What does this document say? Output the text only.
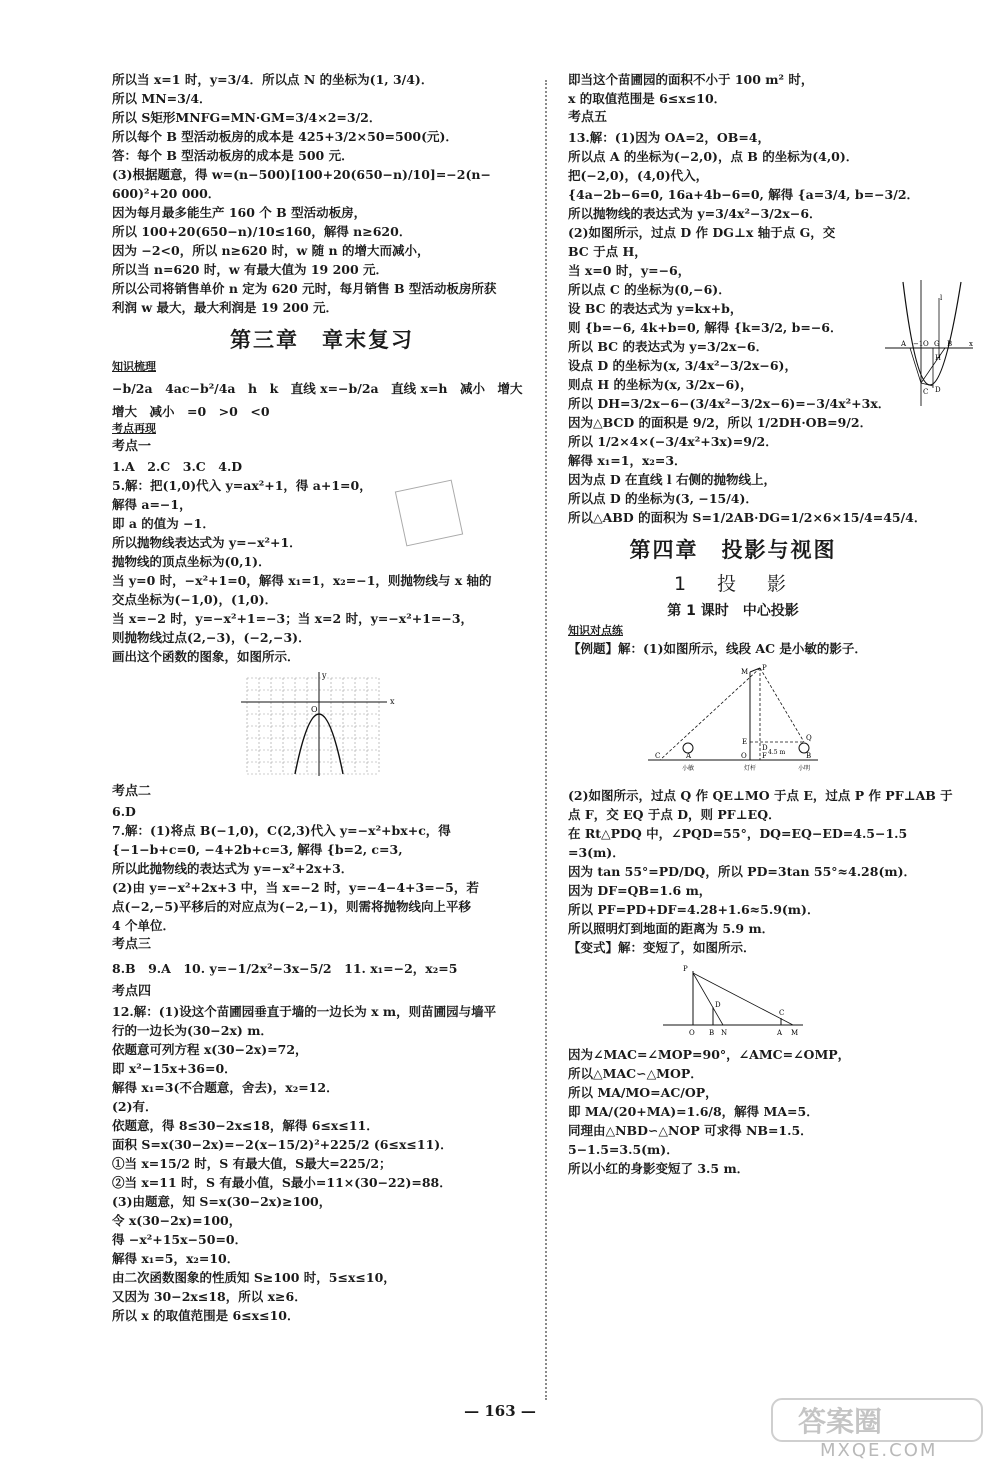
所以当 x=1 时，y=3/4．所以点 N 的坐标为(1, 3/4)．
所以 MN=3/4．
所以 S矩形MNFG=MN·GM=3/4×2=3/2．
所以每个 B 型活动板房的成本是 425+3/2×50=500(元)．
答：每个 B 型活动板房的成本是 500 元．
(3)根据题意，得 w=(n−500)[100+20(650−n)/10]=−2(n−
600)²+20 000．
因为每月最多能生产 160 个 B 型活动板房，
所以 100+20(650−n)/10≤160，解得 n≥620．
因为 −2<0，所以 n≥620 时，w 随 n 的增大而减小，
所以当 n=620 时，w 有最大值为 19 200 元．
所以公司将销售单价 n 定为 620 元时，每月销售 B 型活动板房所获
利润 w 最大，最大利润是 19 200 元．
第三章　章末复习
知识梳理
−b/2a　4ac−b²/4a　h　k　直线 x=−b/2a　直线 x=h　减小　增大
增大　减小　=0　>0　<0
考点再现
考点一
1.A　2.C　3.C　4.D
5.解：把(1,0)代入 y=ax²+1，得 a+1=0，
解得 a=−1，
即 a 的值为 −1．
所以抛物线表达式为 y=−x²+1．
抛物线的顶点坐标为(0,1)．
当 y=0 时，−x²+1=0，解得 x₁=1，x₂=−1，则抛物线与 x 轴的
交点坐标为(−1,0)，(1,0)．
当 x=−2 时，y=−x²+1=−3；当 x=2 时，y=−x²+1=−3，
则抛物线过点(2,−3)，(−2,−3)．
画出这个函数的图象，如图所示．
x
y
O
考点二
6.D
7.解：(1)将点 B(−1,0)，C(2,3)代入 y=−x²+bx+c，得
{−1−b+c=0, −4+2b+c=3, 解得 {b=2, c=3,
所以此抛物线的表达式为 y=−x²+2x+3．
(2)由 y=−x²+2x+3 中，当 x=−2 时，y=−4−4+3=−5，若
点(−2,−5)平移后的对应点为(−2,−1)，则需将抛物线向上平移
4 个单位．
考点三
8.B　9.A　10. y=−1/2x²−3x−5/2　11. x₁=−2，x₂=5
考点四
12.解：(1)设这个苗圃园垂直于墙的一边长为 x m，则苗圃园与墙平
行的一边长为(30−2x) m．
依题意可列方程 x(30−2x)=72，
即 x²−15x+36=0．
解得 x₁=3(不合题意，舍去)，x₂=12．
(2)有．
依题意，得 8≤30−2x≤18，解得 6≤x≤11．
面积 S=x(30−2x)=−2(x−15/2)²+225/2 (6≤x≤11)．
①当 x=15/2 时，S 有最大值，S最大=225/2；
②当 x=11 时，S 有最小值，S最小=11×(30−22)=88．
(3)由题意，知 S=x(30−2x)≥100，
令 x(30−2x)=100，
得 −x²+15x−50=0．
解得 x₁=5，x₂=10．
由二次函数图象的性质知 S≥100 时，5≤x≤10，
又因为 30−2x≤18，所以 x≥6．
所以 x 的取值范围是 6≤x≤10．
即当这个苗圃园的面积不小于 100 m² 时，
x 的取值范围是 6≤x≤10．
考点五
A −1 O G B x
l
C D
H
13.解：(1)因为 OA=2，OB=4，
所以点 A 的坐标为(−2,0)，点 B 的坐标为(4,0)．
把(−2,0)，(4,0)代入，
{4a−2b−6=0, 16a+4b−6=0, 解得 {a=3/4, b=−3/2．
所以抛物线的表达式为 y=3/4x²−3/2x−6．
(2)如图所示，过点 D 作 DG⊥x 轴于点 G，交
BC 于点 H，
当 x=0 时，y=−6，
所以点 C 的坐标为(0,−6)．
设 BC 的表达式为 y=kx+b，
则 {b=−6, 4k+b=0, 解得 {k=3/2, b=−6．
所以 BC 的表达式为 y=3/2x−6．
设点 D 的坐标为(x, 3/4x²−3/2x−6)，
则点 H 的坐标为(x, 3/2x−6)，
所以 DH=3/2x−6−(3/4x²−3/2x−6)=−3/4x²+3x．
因为△BCD 的面积是 9/2，所以 1/2DH·OB=9/2．
所以 1/2×4×(−3/4x²+3x)=9/2．
解得 x₁=1，x₂=3．
因为点 D 在直线 l 右侧的抛物线上，
所以点 D 的坐标为(3, −15/4)．
所以△ABD 的面积为 S=1/2AB·DG=1/2×6×15/4=45/4．
第四章　投影与视图
1　投　影
第 1 课时　中心投影
知识对点练
【例题】解：(1)如图所示，线段 AC 是小敏的影子．
C	A
M P
E
D
O F
Q
B
4.5 m
小敏	灯杆	小明
(2)如图所示，过点 Q 作 QE⊥MO 于点 E，过点 P 作 PF⊥AB 于
点 F，交 EQ 于点 D，则 PF⊥EQ．
在 Rt△PDQ 中，∠PQD=55°，DQ=EQ−ED=4.5−1.5
=3(m)．
因为 tan 55°=PD/DQ，所以 PD=3tan 55°≈4.28(m)．
因为 DF=QB=1.6 m，
所以 PF=PD+DF=4.28+1.6≈5.9(m)．
所以照明灯到地面的距离为 5.9 m．
【变式】解：变短了，如图所示．
P
O B N
D
A M
C
因为∠MAC=∠MOP=90°，∠AMC=∠OMP，
所以△MAC∽△MOP．
所以 MA/MO=AC/OP，
即 MA/(20+MA)=1.6/8，解得 MA=5．
同理由△NBD∽△NOP 可求得 NB=1.5．
5−1.5=3.5(m)．
所以小红的身影变短了 3.5 m．
— 163 —	答案圈
MXQE.COM
